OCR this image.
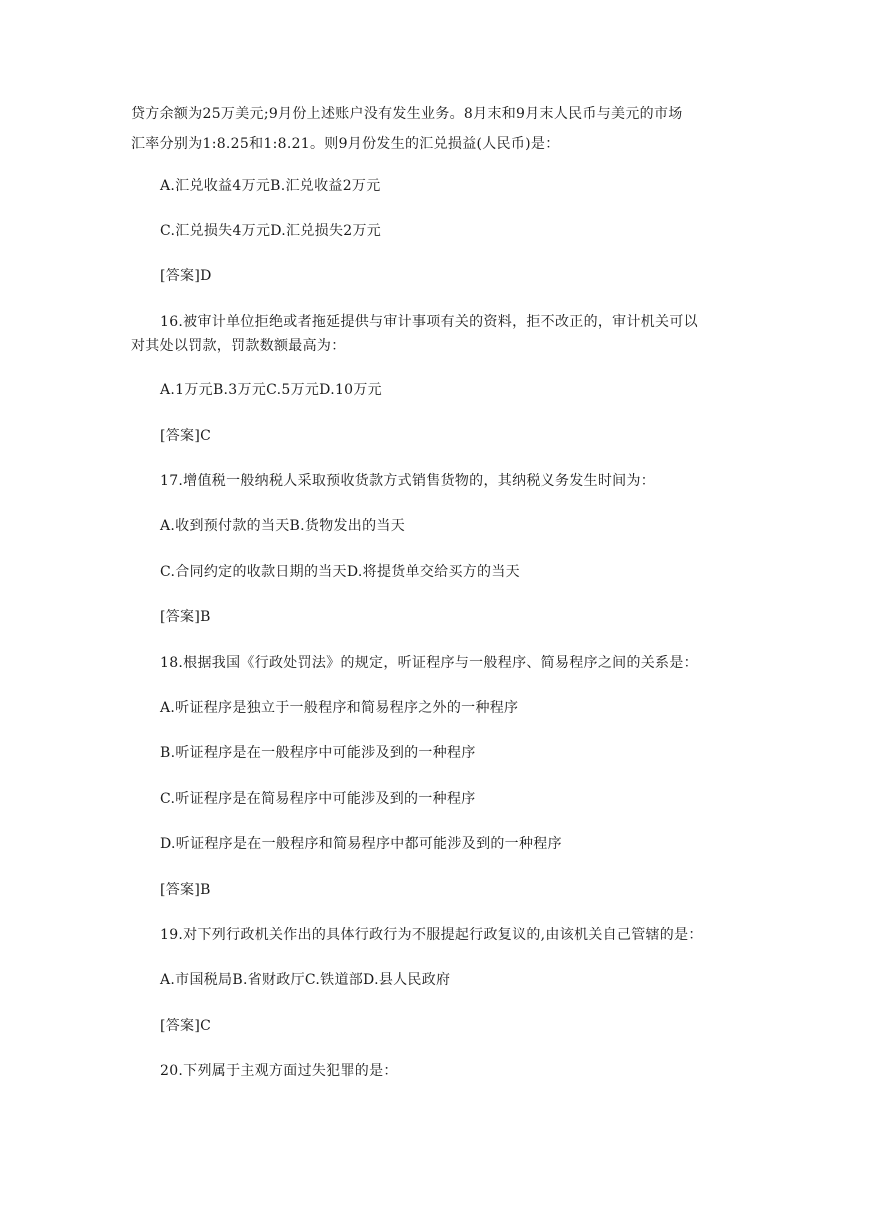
贷方余额为25万美元;9月份上述账户没有发生业务。8月末和9月末人民币与美元的市场
汇率分别为1:8.25和1:8.21。则9月份发生的汇兑损益(人民币)是：
A.汇兑收益4万元B.汇兑收益2万元
C.汇兑损失4万元D.汇兑损失2万元
[答案]D
16.被审计单位拒绝或者拖延提供与审计事项有关的资料，拒不改正的，审计机关可以
对其处以罚款，罚款数额最高为：
A.1万元B.3万元C.5万元D.10万元
[答案]C
17.增值税一般纳税人采取预收货款方式销售货物的，其纳税义务发生时间为：
A.收到预付款的当天B.货物发出的当天
C.合同约定的收款日期的当天D.将提货单交给买方的当天
[答案]B
18.根据我国《行政处罚法》的规定，听证程序与一般程序、简易程序之间的关系是：
A.听证程序是独立于一般程序和简易程序之外的一种程序
B.听证程序是在一般程序中可能涉及到的一种程序
C.听证程序是在简易程序中可能涉及到的一种程序
D.听证程序是在一般程序和简易程序中都可能涉及到的一种程序
[答案]B
19.对下列行政机关作出的具体行政行为不服提起行政复议的,由该机关自己管辖的是：
A.市国税局B.省财政厅C.铁道部D.县人民政府
[答案]C
20.下列属于主观方面过失犯罪的是：
